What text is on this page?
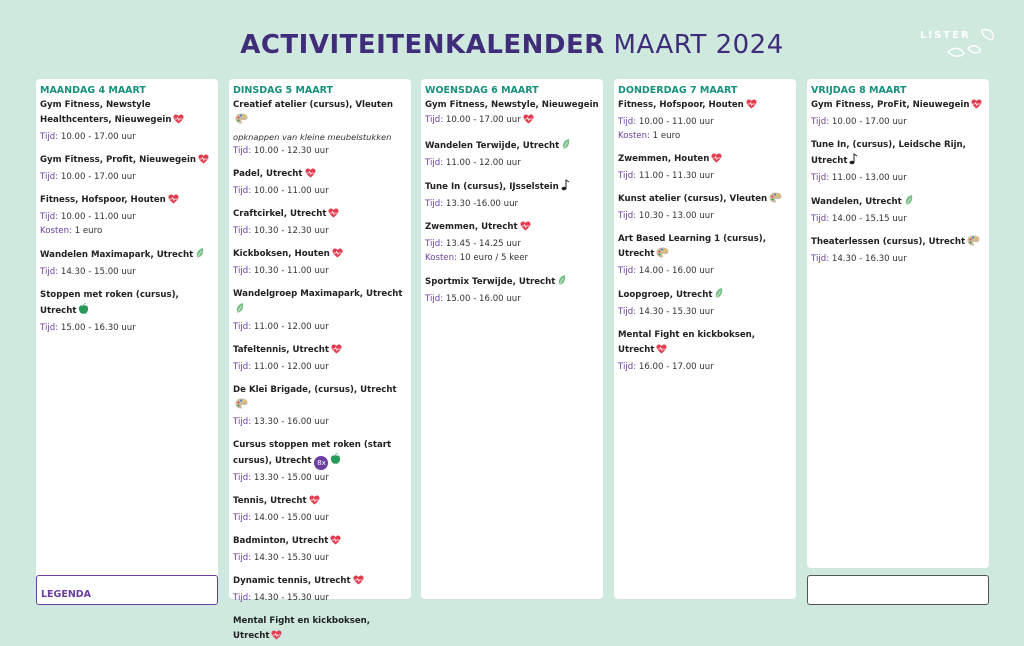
ACTIVITEITENKALENDER MAART 2024	LISTER
MAANDAG 4 MAART
Gym Fitness, Newstyle Healthcenters, Nieuwegein
Tijd: 10.00 - 17.00 uur
Gym Fitness, Profit, Nieuwegein
Tijd: 10.00 - 17.00 uur
Fitness, Hofspoor, Houten
Tijd: 10.00 - 11.00 uur
Kosten: 1 euro
Wandelen Maximapark, Utrecht
Tijd: 14.30 - 15.00 uur
Stoppen met roken (cursus), Utrecht
Tijd: 15.00 - 16.30 uur
DINSDAG 5 MAART
Creatief atelier (cursus), Vleuten
opknappen van kleine meubelstukken
Tijd: 10.00 - 12.30 uur
Padel, Utrecht
Tijd: 10.00 - 11.00 uur
Craftcirkel, Utrecht
Tijd: 10.30 - 12.30 uur
Kickboksen, Houten
Tijd: 10.30 - 11.00 uur
Wandelgroep Maximapark, Utrecht
Tijd: 11.00 - 12.00 uur
Tafeltennis, Utrecht
Tijd: 11.00 - 12.00 uur
De Klei Brigade, (cursus), Utrecht
Tijd: 13.30 - 16.00 uur
Cursus stoppen met roken (start cursus), Utrecht 8x
Tijd: 13.30 - 15.00 uur
Tennis, Utrecht
Tijd: 14.00 - 15.00 uur
Badminton, Utrecht
Tijd: 14.30 - 15.30 uur
Dynamic tennis, Utrecht
Tijd: 14.30 - 15.30 uur
Mental Fight en kickboksen, Utrecht
WOENSDAG 6 MAART
Gym Fitness, Newstyle, Nieuwegein
Tijd: 10.00 - 17.00 uur
Wandelen Terwijde, Utrecht
Tijd: 11.00 - 12.00 uur
Tune In (cursus), IJsselstein
Tijd: 13.30 -16.00 uur
Zwemmen, Utrecht
Tijd: 13.45 - 14.25 uur
Kosten: 10 euro / 5 keer
Sportmix Terwijde, Utrecht
Tijd: 15.00 - 16.00 uur
DONDERDAG 7 MAART
Fitness, Hofspoor, Houten
Tijd: 10.00 - 11.00 uur
Kosten: 1 euro
Zwemmen, Houten
Tijd: 11.00 - 11.30 uur
Kunst atelier (cursus), Vleuten
Tijd: 10.30 - 13.00 uur
Art Based Learning 1 (cursus), Utrecht
Tijd: 14.00 - 16.00 uur
Loopgroep, Utrecht
Tijd: 14.30 - 15.30 uur
Mental Fight en kickboksen, Utrecht
Tijd: 16.00 - 17.00 uur
VRIJDAG 8 MAART
Gym Fitness, ProFit, Nieuwegein
Tijd: 10.00 - 17.00 uur
Tune In, (cursus), Leidsche Rijn, Utrecht
Tijd: 11.00 - 13.00 uur
Wandelen, Utrecht
Tijd: 14.00 - 15.15 uur
Theaterlessen (cursus), Utrecht
Tijd: 14.30 - 16.30 uur
LEGENDA
